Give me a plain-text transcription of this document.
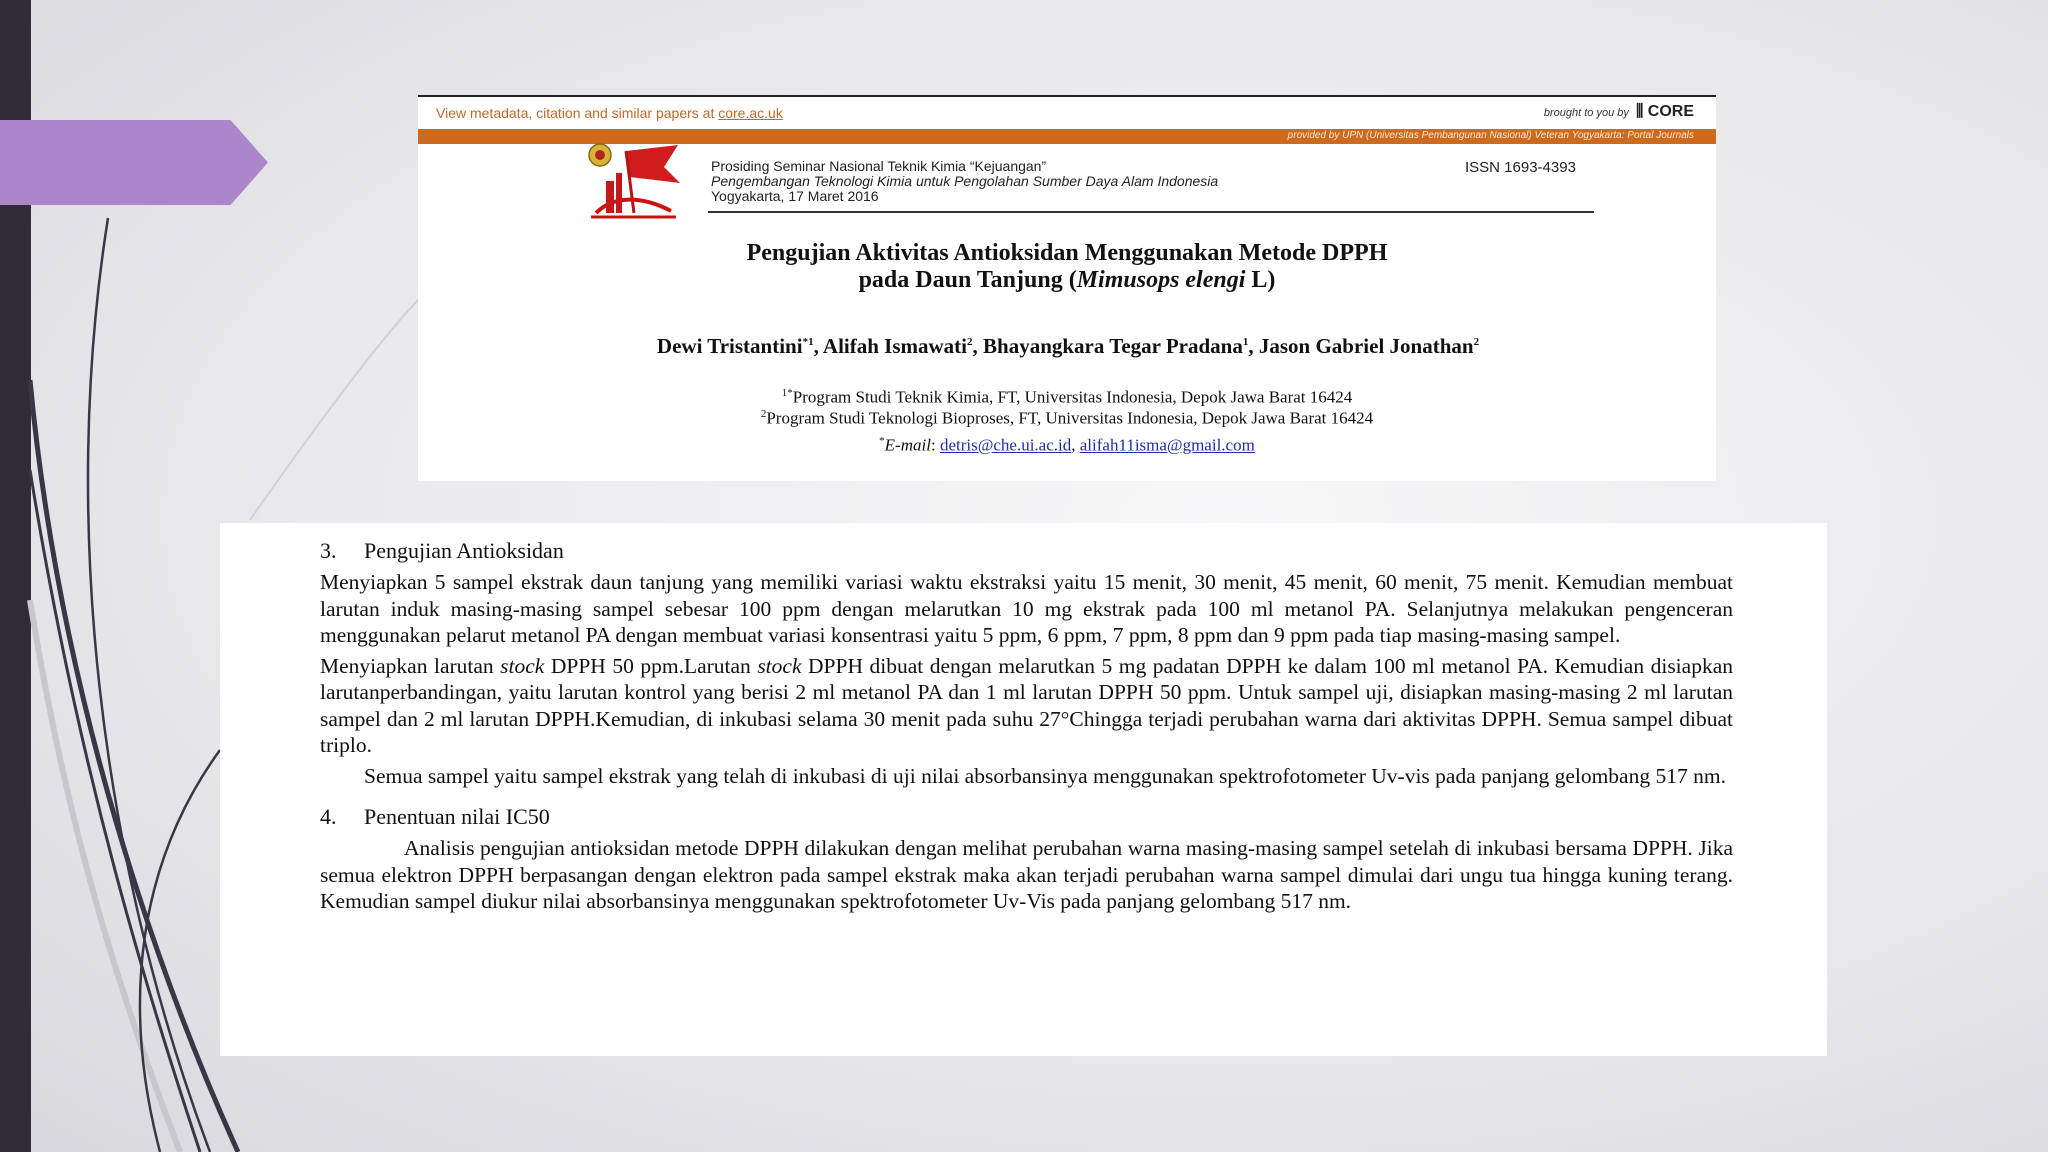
View metadata, citation and similar papers at core.ac.uk	brought to you by ⫼ CORE
provided by UPN (Universitas Pembangunan Nasional) Veteran Yogyakarta: Portal Journals
Prosiding Seminar Nasional Teknik Kimia “Kejuangan”
Pengembangan Teknologi Kimia untuk Pengolahan Sumber Daya Alam Indonesia
Yogyakarta, 17 Maret 2016
ISSN 1693-4393
Pengujian Aktivitas Antioksidan Menggunakan Metode DPPH
pada Daun Tanjung (Mimusops elengi L)
Dewi Tristantini$^{*1}$, Alifah Ismawati$^2$, Bhayangkara Tegar Pradana$^1$, Jason Gabriel Jonathan$^2$
$^{1*}$Program Studi Teknik Kimia, FT, Universitas Indonesia, Depok Jawa Barat 16424
$^2$Program Studi Teknologi Bioproses, FT, Universitas Indonesia, Depok Jawa Barat 16424
*E-mail: detris@che.ui.ac.id, alifah11isma@gmail.com

3. Pengujian Antioksidan

Menyiapkan 5 sampel ekstrak daun tanjung yang memiliki variasi waktu ekstraksi yaitu 15 menit, 30 menit, 45 menit, 60 menit, 75 menit. Kemudian membuat larutan induk masing-masing sampel sebesar 100 ppm dengan melarutkan 10 mg ekstrak pada 100 ml metanol PA. Selanjutnya melakukan pengenceran menggunakan pelarut metanol PA dengan membuat variasi konsentrasi yaitu 5 ppm, 6 ppm, 7 ppm, 8 ppm dan 9 ppm pada tiap masing-masing sampel.

Menyiapkan larutan stock DPPH 50 ppm.Larutan stock DPPH dibuat dengan melarutkan 5 mg padatan DPPH ke dalam 100 ml metanol PA. Kemudian disiapkan larutanperbandingan, yaitu larutan kontrol yang berisi 2 ml metanol PA dan 1 ml larutan DPPH 50 ppm. Untuk sampel uji, disiapkan masing-masing 2 ml larutan sampel dan 2 ml larutan DPPH.Kemudian, di inkubasi selama 30 menit pada suhu 27°Chingga terjadi perubahan warna dari aktivitas DPPH. Semua sampel dibuat triplo.

Semua sampel yaitu sampel ekstrak yang telah di inkubasi di uji nilai absorbansinya menggunakan spektrofotometer Uv-vis pada panjang gelombang 517 nm.

4. Penentuan nilai IC50

Analisis pengujian antioksidan metode DPPH dilakukan dengan melihat perubahan warna masing-masing sampel setelah di inkubasi bersama DPPH. Jika semua elektron DPPH berpasangan dengan elektron pada sampel ekstrak maka akan terjadi perubahan warna sampel dimulai dari ungu tua hingga kuning terang. Kemudian sampel diukur nilai absorbansinya menggunakan spektrofotometer Uv-Vis pada panjang gelombang 517 nm.
